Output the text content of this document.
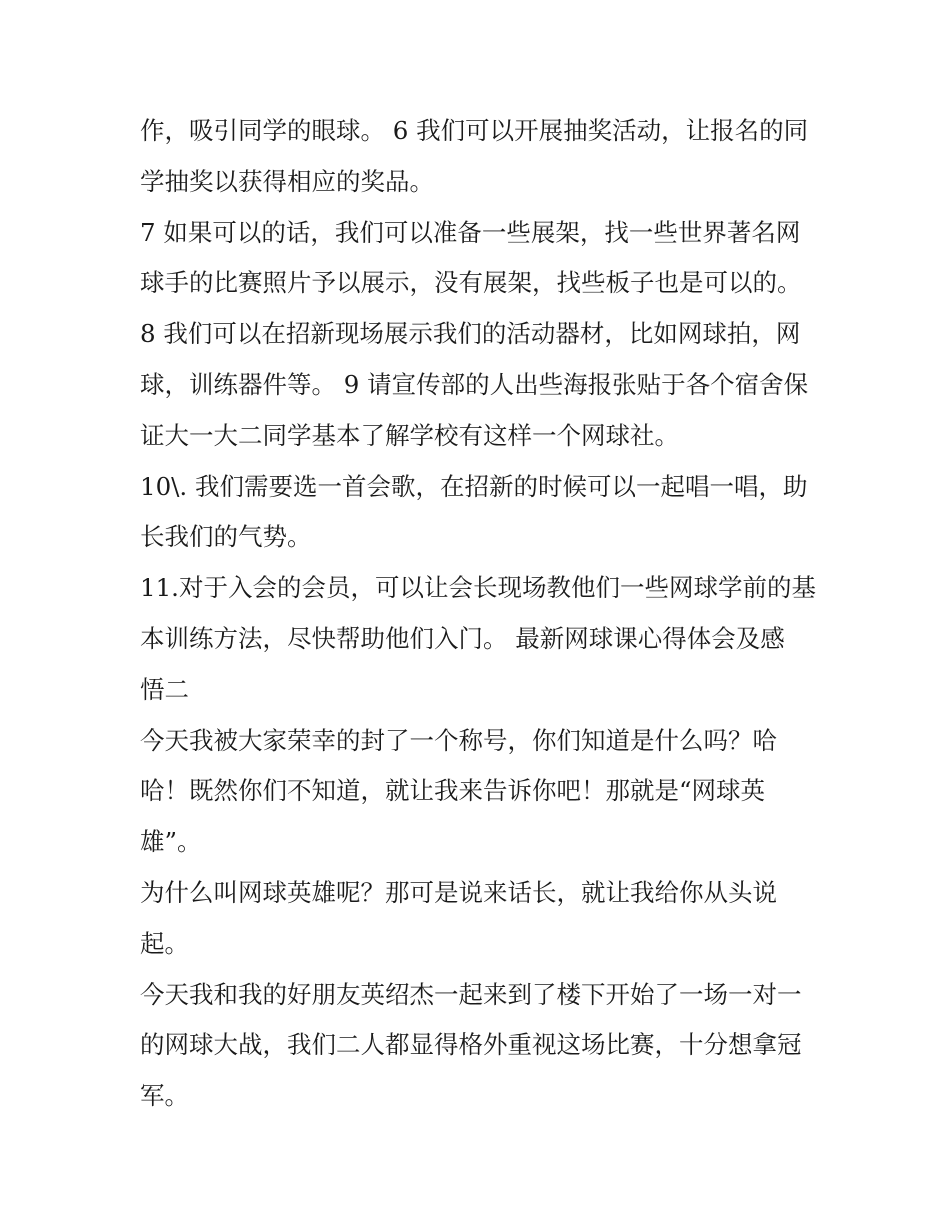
作，吸引同学的眼球。 6 我们可以开展抽奖活动，让报名的同
学抽奖以获得相应的奖品。
7 如果可以的话，我们可以准备一些展架，找一些世界著名网
球手的比赛照片予以展示，没有展架，找些板子也是可以的。
8 我们可以在招新现场展示我们的活动器材，比如网球拍，网
球，训练器件等。 9 请宣传部的人出些海报张贴于各个宿舍保
证大一大二同学基本了解学校有这样一个网球社。
10\. 我们需要选一首会歌，在招新的时候可以一起唱一唱，助
长我们的气势。
11.对于入会的会员，可以让会长现场教他们一些网球学前的基
本训练方法，尽快帮助他们入门。 最新网球课心得体会及感
悟二
今天我被大家荣幸的封了一个称号，你们知道是什么吗？哈
哈！既然你们不知道，就让我来告诉你吧！那就是“网球英
雄”。
为什么叫网球英雄呢？那可是说来话长，就让我给你从头说
起。
今天我和我的好朋友英绍杰一起来到了楼下开始了一场一对一
的网球大战，我们二人都显得格外重视这场比赛，十分想拿冠
军。
